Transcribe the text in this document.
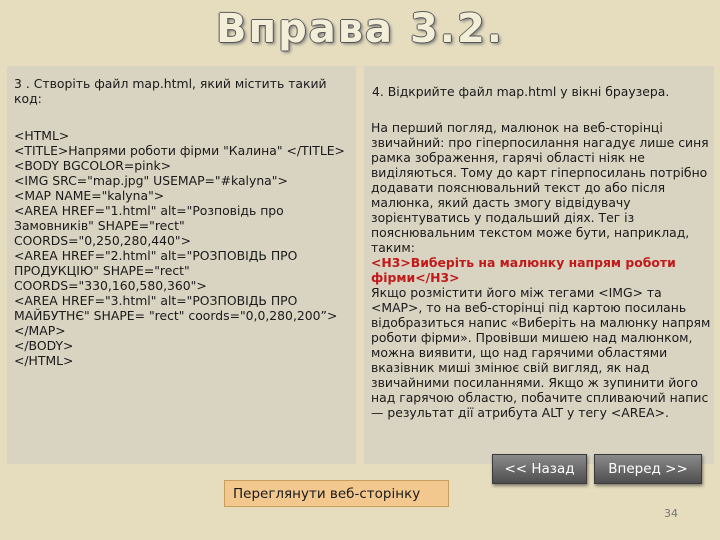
Вправа 3.2.
3 . Створіть файл map.html, який містить такий код:
<HTML>
<TITLE>Напрями роботи фірми "Калина" </TITLE>
<BODY BGCOLOR=pink>
<IMG SRC="map.jpg" USEMAP="#kalyna">
<MAP NAME="kalyna">
<AREA HREF="1.html" alt="Розповідь про Замовників" SHAPE="rect" COORDS="0,250,280,440">
<AREA HREF="2.html" alt="РОЗПОВІДЬ ПРО ПРОДУКЦІЮ" SHAPE="rect" COORDS="330,160,580,360">
<AREA HREF="3.html" alt="РОЗПОВІДЬ ПРО МАЙБУТНЄ" SHAPE= "rect" coords="0,0,280,200”>
</MAP>
</BODY>
</HTML>
4. Відкрийте файл map.html у вікні браузера.
На перший погляд, малюнок на веб-сторінці звичайний: про гіперпосилання нагадує лише синя рамка зображення, гарячі області ніяк не виділяються. Тому до карт гіперпосилань потрібно додавати пояснювальний текст до або після малюнка, який дасть змогу відвідувачу зорієнтуватись у подальший діях. Тег із пояснювальним текстом може бути, наприклад, таким:
<H3>Виберіть на малюнку напрям роботи фірми</H3>
Якщо розмістити його між тегами <IMG> та <MAP>, то на веб-сторінці під картою посилань відобразиться напис «Виберіть на малюнку напрям роботи фірми». Провівши мишею над малюнком, можна виявити, що над гарячими областями вказівник миші змінює свій вигляд, як над звичайними посиланнями. Якщо ж зупинити його над гарячою областю, побачите спливаючий напис — результат дії атрибута ALT у тегу <AREA>.
<< Назад	Вперед >>
Переглянути веб-сторінку
34
